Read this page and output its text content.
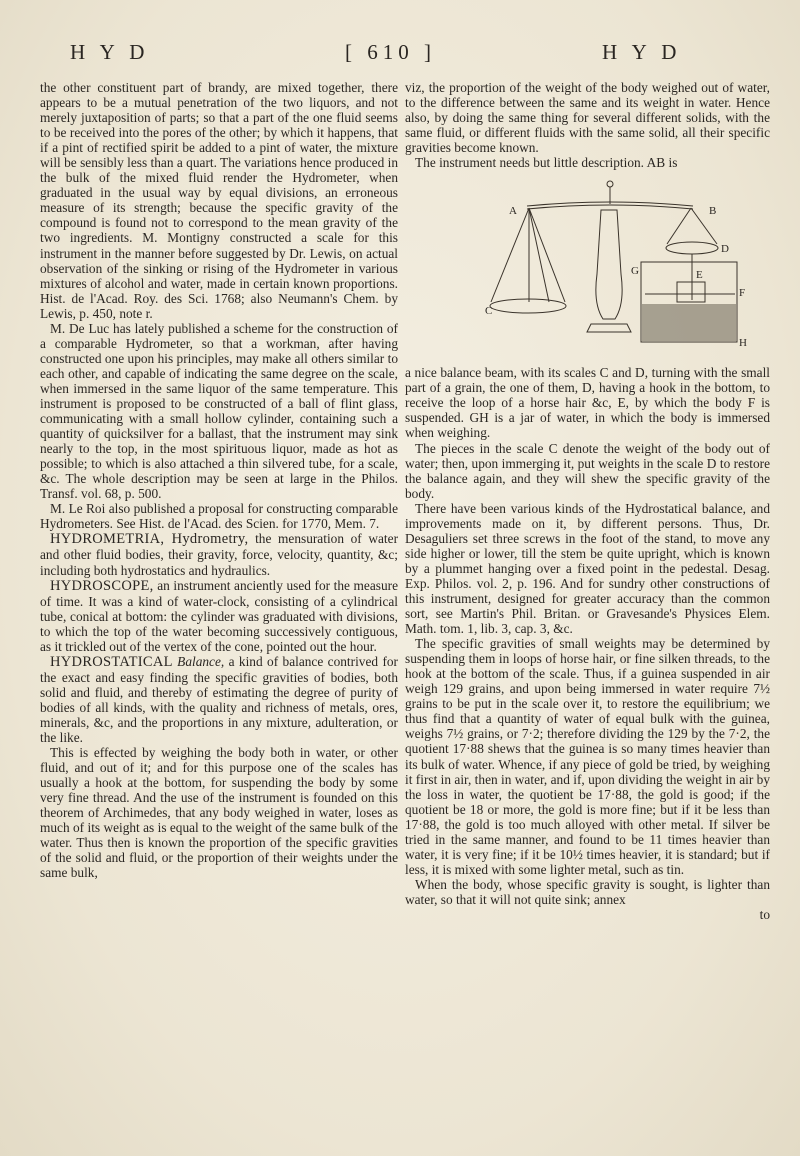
H Y D	[ 610 ]	H Y D

the other constituent part of brandy, are mixed together, there appears to be a mutual penetration of the two liquors, and not merely juxtaposition of parts; so that a part of the one fluid seems to be received into the pores of the other; by which it happens, that if a pint of rectified spirit be added to a pint of water, the mixture will be sensibly less than a quart. The variations hence produced in the bulk of the mixed fluid render the Hydrometer, when graduated in the usual way by equal divisions, an erroneous measure of its strength; because the specific gravity of the compound is found not to correspond to the mean gravity of the two ingredients. M. Montigny constructed a scale for this instrument in the manner before suggested by Dr. Lewis, on actual observation of the sinking or rising of the Hydrometer in various mixtures of alcohol and water, made in certain known proportions. Hist. de l'Acad. Roy. des Sci. 1768; also Neumann's Chem. by Lewis, p. 450, note r.

M. De Luc has lately published a scheme for the construction of a comparable Hydrometer, so that a workman, after having constructed one upon his principles, may make all others similar to each other, and capable of indicating the same degree on the scale, when immersed in the same liquor of the same temperature. This instrument is proposed to be constructed of a ball of flint glass, communicating with a small hollow cylinder, containing such a quantity of quicksilver for a ballast, that the instrument may sink nearly to the top, in the most spirituous liquor, made as hot as possible; to which is also attached a thin silvered tube, for a scale, &c. The whole description may be seen at large in the Philos. Transf. vol. 68, p. 500.

M. Le Roi also published a proposal for constructing comparable Hydrometers. See Hist. de l'Acad. des Scien. for 1770, Mem. 7.

HYDROMETRIA, Hydrometry, the mensuration of water and other fluid bodies, their gravity, force, velocity, quantity, &c; including both hydrostatics and hydraulics.

HYDROSCOPE, an instrument anciently used for the measure of time. It was a kind of water-clock, consisting of a cylindrical tube, conical at bottom: the cylinder was graduated with divisions, to which the top of the water becoming successively contiguous, as it trickled out of the vertex of the cone, pointed out the hour.

HYDROSTATICAL Balance, a kind of balance contrived for the exact and easy finding the specific gravities of bodies, both solid and fluid, and thereby of estimating the degree of purity of bodies of all kinds, with the quality and richness of metals, ores, minerals, &c, and the proportions in any mixture, adulteration, or the like.

This is effected by weighing the body both in water, or other fluid, and out of it; and for this purpose one of the scales has usually a hook at the bottom, for suspending the body by some very fine thread. And the use of the instrument is founded on this theorem of Archimedes, that any body weighed in water, loses as much of its weight as is equal to the weight of the same bulk of the water. Thus then is known the proportion of the specific gravities of the solid and fluid, or the proportion of their weights under the same bulk,

viz, the proportion of the weight of the body weighed out of water, to the difference between the same and its weight in water. Hence also, by doing the same thing for several different solids, with the same fluid, or different fluids with the same solid, all their specific gravities become known.

The instrument needs but little description. AB is

A	B
C
D
E
F
G
H

a nice balance beam, with its scales C and D, turning with the small part of a grain, the one of them, D, having a hook in the bottom, to receive the loop of a horse hair &c, E, by which the body F is suspended. GH is a jar of water, in which the body is immersed when weighing.

The pieces in the scale C denote the weight of the body out of water; then, upon immerging it, put weights in the scale D to restore the balance again, and they will shew the specific gravity of the body.

There have been various kinds of the Hydrostatical balance, and improvements made on it, by different persons. Thus, Dr. Desaguliers set three screws in the foot of the stand, to move any side higher or lower, till the stem be quite upright, which is known by a plummet hanging over a fixed point in the pedestal. Desag. Exp. Philos. vol. 2, p. 196. And for sundry other constructions of this instrument, designed for greater accuracy than the common sort, see Martin's Phil. Britan. or Gravesande's Physices Elem. Math. tom. 1, lib. 3, cap. 3, &c.

The specific gravities of small weights may be determined by suspending them in loops of horse hair, or fine silken threads, to the hook at the bottom of the scale. Thus, if a guinea suspended in air weigh 129 grains, and upon being immersed in water require 7½ grains to be put in the scale over it, to restore the equilibrium; we thus find that a quantity of water of equal bulk with the guinea, weighs 7½ grains, or 7·2; therefore dividing the 129 by the 7·2, the quotient 17·88 shews that the guinea is so many times heavier than its bulk of water. Whence, if any piece of gold be tried, by weighing it first in air, then in water, and if, upon dividing the weight in air by the loss in water, the quotient be 17·88, the gold is good; if the quotient be 18 or more, the gold is more fine; but if it be less than 17·88, the gold is too much alloyed with other metal. If silver be tried in the same manner, and found to be 11 times heavier than water, it is very fine; if it be 10½ times heavier, it is standard; but if less, it is mixed with some lighter metal, such as tin.

When the body, whose specific gravity is sought, is lighter than water, so that it will not quite sink; annex

to
